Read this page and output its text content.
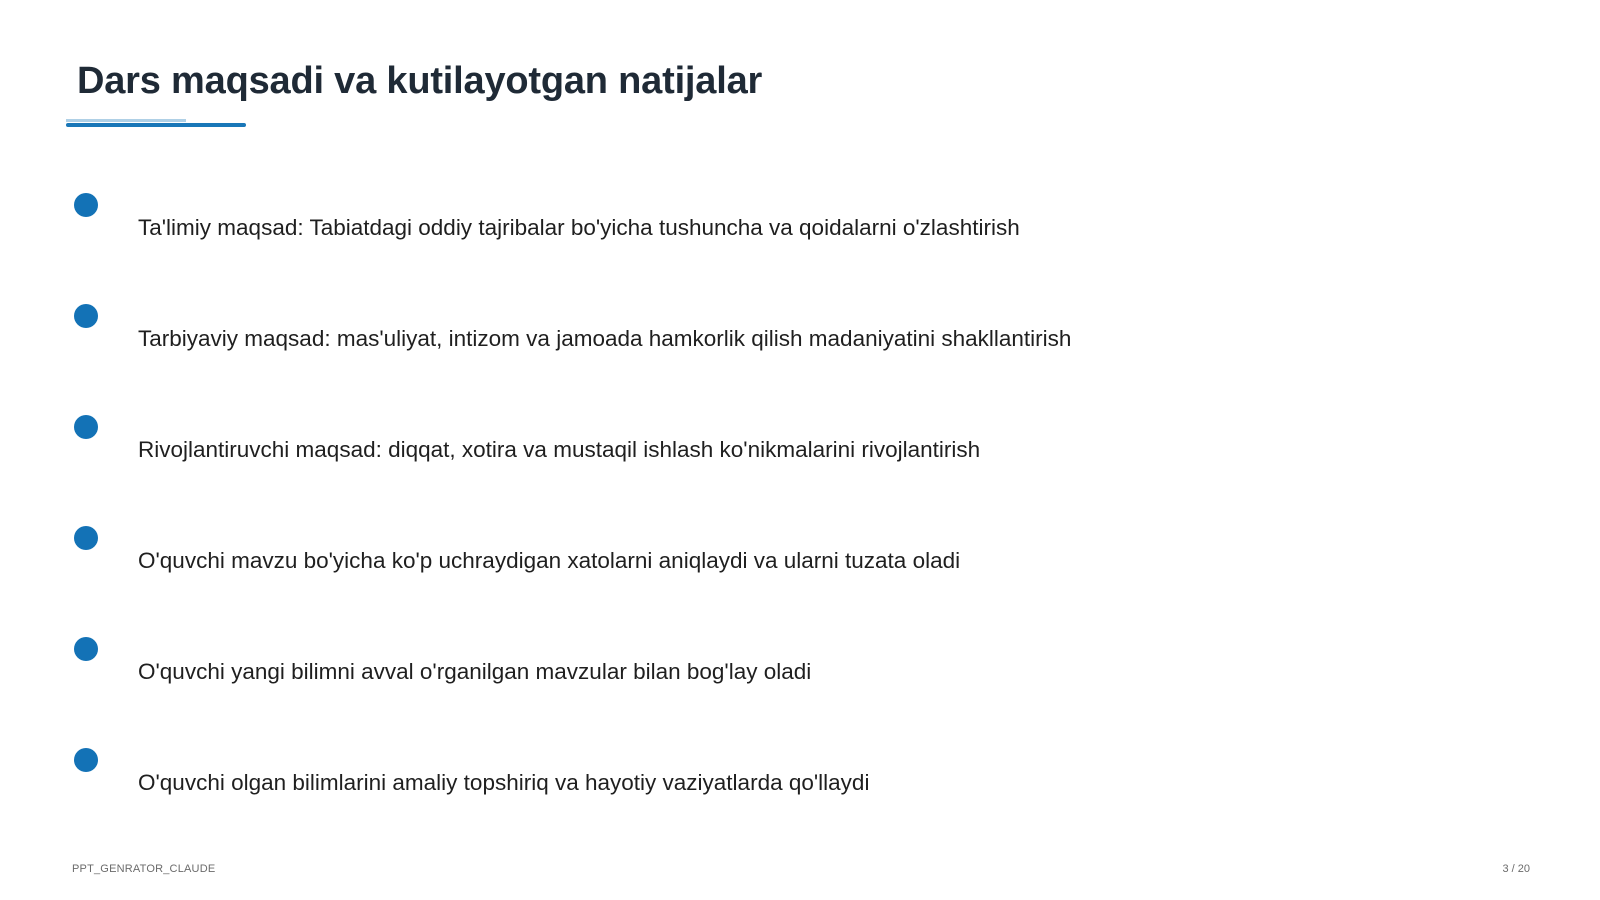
Dars maqsadi va kutilayotgan natijalar
Ta'limiy maqsad: Tabiatdagi oddiy tajribalar bo'yicha tushuncha va qoidalarni o'zlashtirish
Tarbiyaviy maqsad: mas'uliyat, intizom va jamoada hamkorlik qilish madaniyatini shakllantirish
Rivojlantiruvchi maqsad: diqqat, xotira va mustaqil ishlash ko'nikmalarini rivojlantirish
O'quvchi mavzu bo'yicha ko'p uchraydigan xatolarni aniqlaydi va ularni tuzata oladi
O'quvchi yangi bilimni avval o'rganilgan mavzular bilan bog'lay oladi
O'quvchi olgan bilimlarini amaliy topshiriq va hayotiy vaziyatlarda qo'llaydi
PPT_GENRATOR_CLAUDE	3 / 20
